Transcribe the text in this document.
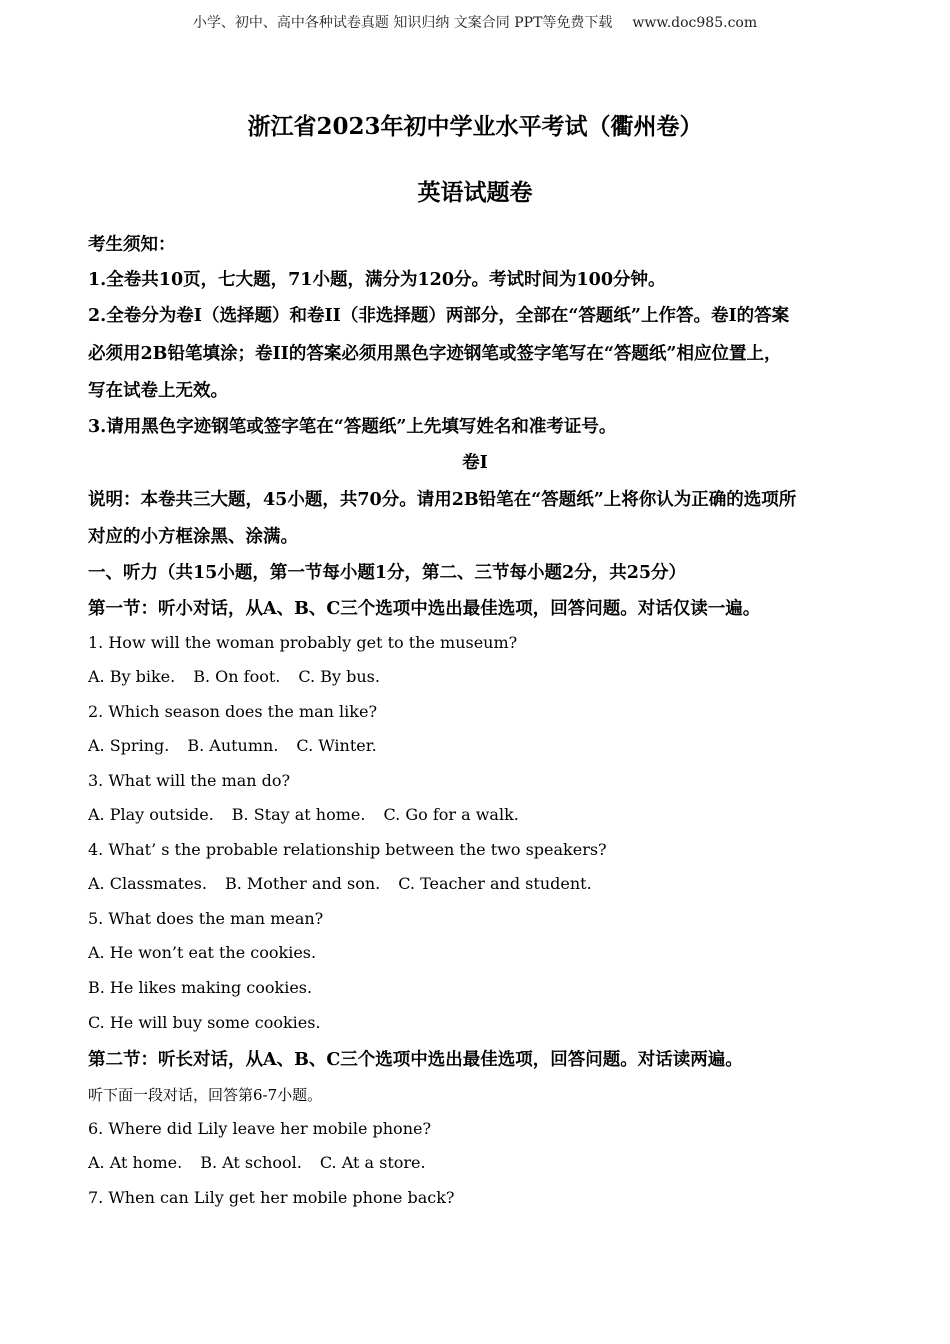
小学、初中、高中各种试卷真题 知识归纳 文案合同 PPT等免费下载 www.doc985.com
浙江省2023年初中学业水平考试（衢州卷）
英语试题卷
考生须知：
1.全卷共10页，七大题，71小题，满分为120分。考试时间为100分钟。
2.全卷分为卷I（选择题）和卷II（非选择题）两部分，全部在“答题纸”上作答。卷I的答案
必须用2B铅笔填涂；卷II的答案必须用黑色字迹钢笔或签字笔写在“答题纸”相应位置上，
写在试卷上无效。
3.请用黑色字迹钢笔或签字笔在“答题纸”上先填写姓名和准考证号。
卷I
说明：本卷共三大题，45小题，共70分。请用2B铅笔在“答题纸”上将你认为正确的选项所
对应的小方框涂黑、涂满。
一、听力（共15小题，第一节每小题1分，第二、三节每小题2分，共25分）
第一节：听小对话，从A、B、C三个选项中选出最佳选项，回答问题。对话仅读一遍。
1. How will the woman probably get to the museum?
A. By bike. B. On foot. C. By bus.
2. Which season does the man like?
A. Spring. B. Autumn. C. Winter.
3. What will the man do?
A. Play outside. B. Stay at home. C. Go for a walk.
4. What’ s the probable relationship between the two speakers?
A. Classmates. B. Mother and son. C. Teacher and student.
5. What does the man mean?
A. He won’t eat the cookies.
B. He likes making cookies.
C. He will buy some cookies.
第二节：听长对话，从A、B、C三个选项中选出最佳选项，回答问题。对话读两遍。
听下面一段对话，回答第6-7小题。
6. Where did Lily leave her mobile phone?
A. At home. B. At school. C. At a store.
7. When can Lily get her mobile phone back?
